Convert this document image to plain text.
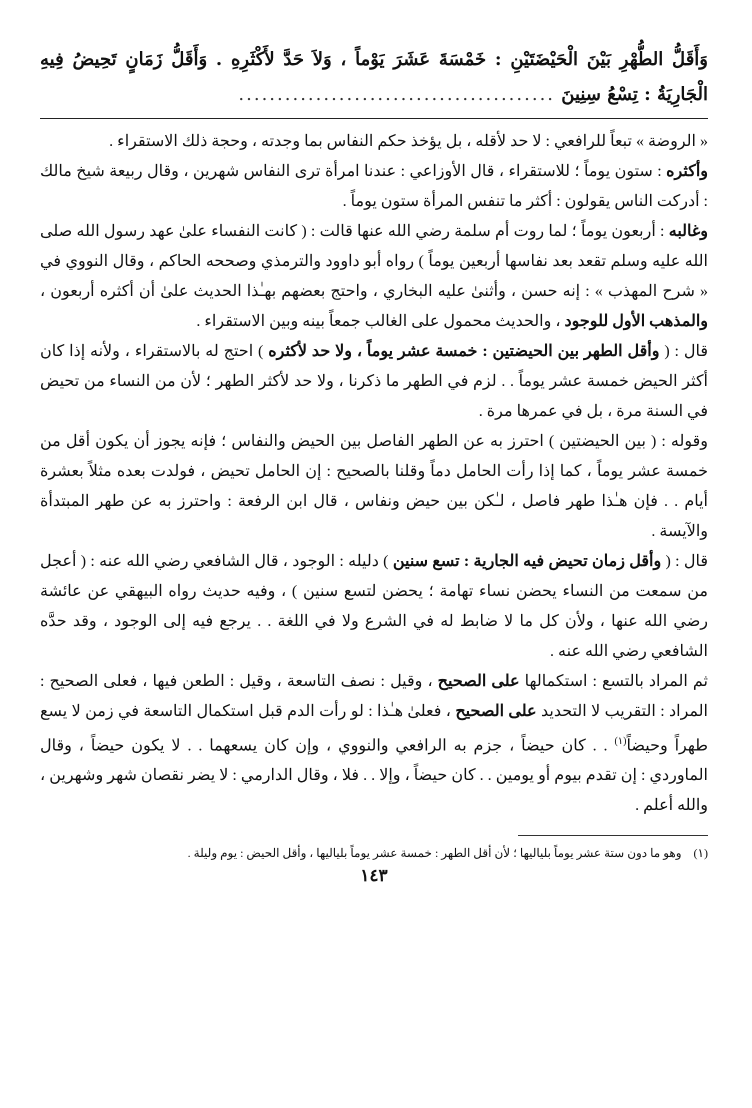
وَأَقَلُّ الطُّهْرِ بَيْنَ الْحَيْضَتَيْنِ : خَمْسَةَ عَشَرَ يَوْماً ، وَلاَ حَدَّ لأَكْثَرِهِ . وَأَقَلُّ زَمَانٍ تَحِيضُ فِيهِ الْجَارِيَةُ : تِسْعُ سِنِينَ .........................................

« الروضة » تبعاً للرافعي : لا حد لأقله ، بل يؤخذ حكم النفاس بما وجدته ، وحجة ذلك الاستقراء .

وأكثره : ستون يوماً ؛ للاستقراء ، قال الأوزاعي : عندنا امرأة ترى النفاس شهرين ، وقال ربيعة شيخ مالك : أدركت الناس يقولون : أكثر ما تنفس المرأة ستون يوماً .

وغالبه : أربعون يوماً ؛ لما روت أم سلمة رضي الله عنها قالت : ( كانت النفساء علىٰ عهد رسول الله صلى الله عليه وسلم تقعد بعد نفاسها أربعين يوماً ) رواه أبو داوود والترمذي وصححه الحاكم ، وقال النووي في « شرح المهذب » : إنه حسن ، وأثنىٰ عليه البخاري ، واحتج بعضهم بهـٰذا الحديث علىٰ أن أكثره أربعون ، والمذهب الأول للوجود ، والحديث محمول على الغالب جمعاً بينه وبين الاستقراء .

قال : ( وأقل الطهر بين الحيضتين : خمسة عشر يوماً ، ولا حد لأكثره ) احتج له بالاستقراء ، ولأنه إذا كان أكثر الحيض خمسة عشر يوماً . . لزم في الطهر ما ذكرنا ، ولا حد لأكثر الطهر ؛ لأن من النساء من تحيض في السنة مرة ، بل في عمرها مرة .

وقوله : ( بين الحيضتين ) احترز به عن الطهر الفاصل بين الحيض والنفاس ؛ فإنه يجوز أن يكون أقل من خمسة عشر يوماً ، كما إذا رأت الحامل دماً وقلنا بالصحيح : إن الحامل تحيض ، فولدت بعده مثلاً بعشرة أيام . . فإن هـٰذا طهر فاصل ، لـٰكن بين حيض ونفاس ، قال ابن الرفعة : واحترز به عن طهر المبتدأة والآيسة .

قال : ( وأقل زمان تحيض فيه الجارية : تسع سنين ) دليله : الوجود ، قال الشافعي رضي الله عنه : ( أعجل من سمعت من النساء يحضن نساء تهامة ؛ يحضن لتسع سنين ) ، وفيه حديث رواه البيهقي عن عائشة رضي الله عنها ، ولأن كل ما لا ضابط له في الشرع ولا في اللغة . . يرجع فيه إلى الوجود ، وقد حدَّه الشافعي رضي الله عنه .

ثم المراد بالتسع : استكمالها على الصحيح ، وقيل : نصف التاسعة ، وقيل : الطعن فيها ، فعلى الصحيح : المراد : التقريب لا التحديد على الصحيح ، فعلىٰ هـٰذا : لو رأت الدم قبل استكمال التاسعة في زمن لا يسع طهراً وحيضاً$^{(١)}$ . . كان حيضاً ، جزم به الرافعي والنووي ، وإن كان يسعهما . . لا يكون حيضاً ، وقال الماوردي : إن تقدم بيوم أو يومين . . كان حيضاً ، وإلا . . فلا ، وقال الدارمي : لا يضر نقصان شهر وشهرين ، والله أعلم .

(١)    وهو ما دون ستة عشر يوماً بلياليها ؛ لأن أقل الطهر : خمسة عشر يوماً بلياليها ، وأقل الحيض : يوم وليلة .
١٤٣
